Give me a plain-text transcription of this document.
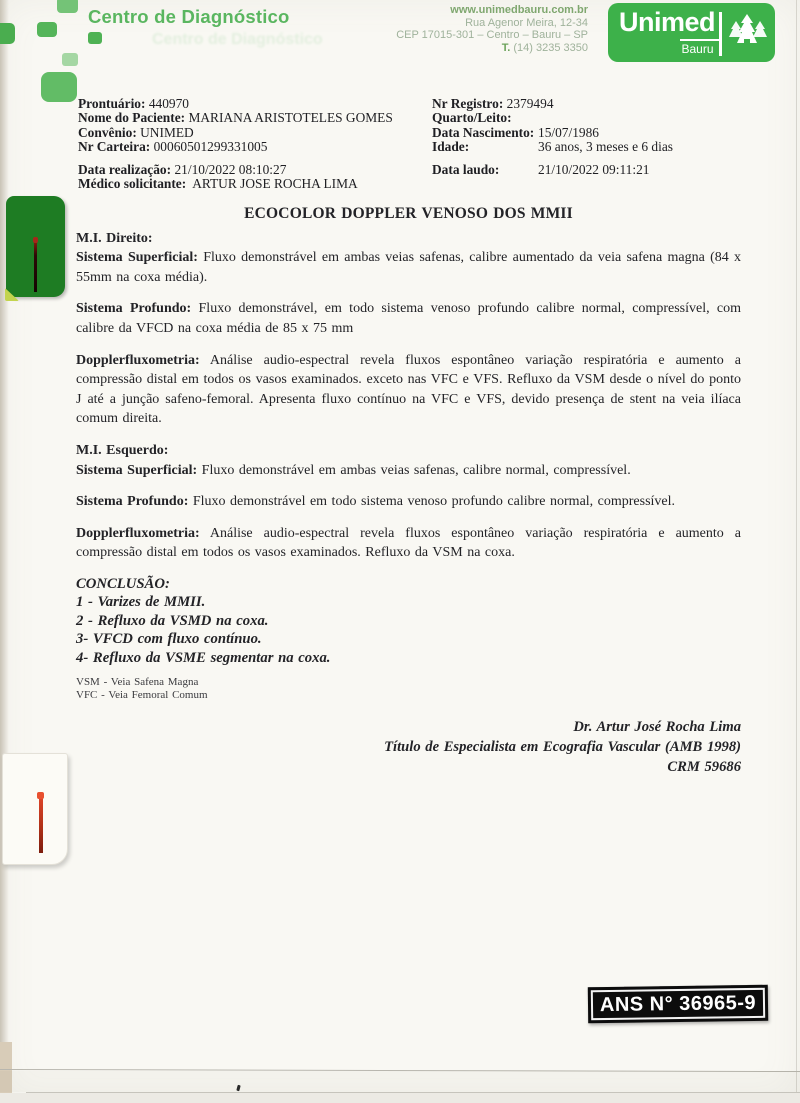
Centro de Diagnóstico
Centro de Diagnóstico
www.unimedbauru.com.br
Rua Agenor Meira, 12-34
CEP 17015-301 – Centro – Bauru – SP
T. (14) 3235 3350
Unimed
Bauru
Prontuário: 440970
Nome do Paciente: MARIANA ARISTOTELES GOMES
Convênio: UNIMED
Nr Carteira: 00060501299331005
Data realização: 21/10/2022 08:10:27
Médico solicitante: ARTUR JOSE ROCHA LIMA
Nr Registro: 2379494
Quarto/Leito:
Data Nascimento: 15/07/1986
Idade:	36 anos, 3 meses e 6 dias
Data laudo:	21/10/2022 09:11:21
ECOCOLOR DOPPLER VENOSO DOS MMII
M.I. Direito:

Sistema Superficial: Fluxo demonstrável em ambas veias safenas, calibre aumentado da veia safena magna (84 x 55mm na coxa média).

Sistema Profundo: Fluxo demonstrável, em todo sistema venoso profundo calibre normal, compressível, com calibre da VFCD na coxa média de 85 x 75 mm

Dopplerfluxometria: Análise audio-espectral revela fluxos espontâneo variação respiratória e aumento a compressão distal em todos os vasos examinados. exceto nas VFC e VFS. Refluxo da VSM desde o nível do ponto J até a junção safeno-femoral. Apresenta fluxo contínuo na VFC e VFS, devido presença de stent na veia ilíaca comum direita.

M.I. Esquerdo:

Sistema Superficial: Fluxo demonstrável em ambas veias safenas, calibre normal, compressível.

Sistema Profundo: Fluxo demonstrável em todo sistema venoso profundo calibre normal, compressível.

Dopplerfluxometria: Análise audio-espectral revela fluxos espontâneo variação respiratória e aumento a compressão distal em todos os vasos examinados. Refluxo da VSM na coxa.

CONCLUSÃO:
1 - Varizes de MMII.
2 - Refluxo da VSMD na coxa.
3- VFCD com fluxo contínuo.
4- Refluxo da VSME segmentar na coxa.
VSM - Veia Safena Magna
VFC - Veia Femoral Comum
Dr. Artur José Rocha Lima
Título de Especialista em Ecografia Vascular (AMB 1998)
CRM 59686
ANS N° 36965-9
